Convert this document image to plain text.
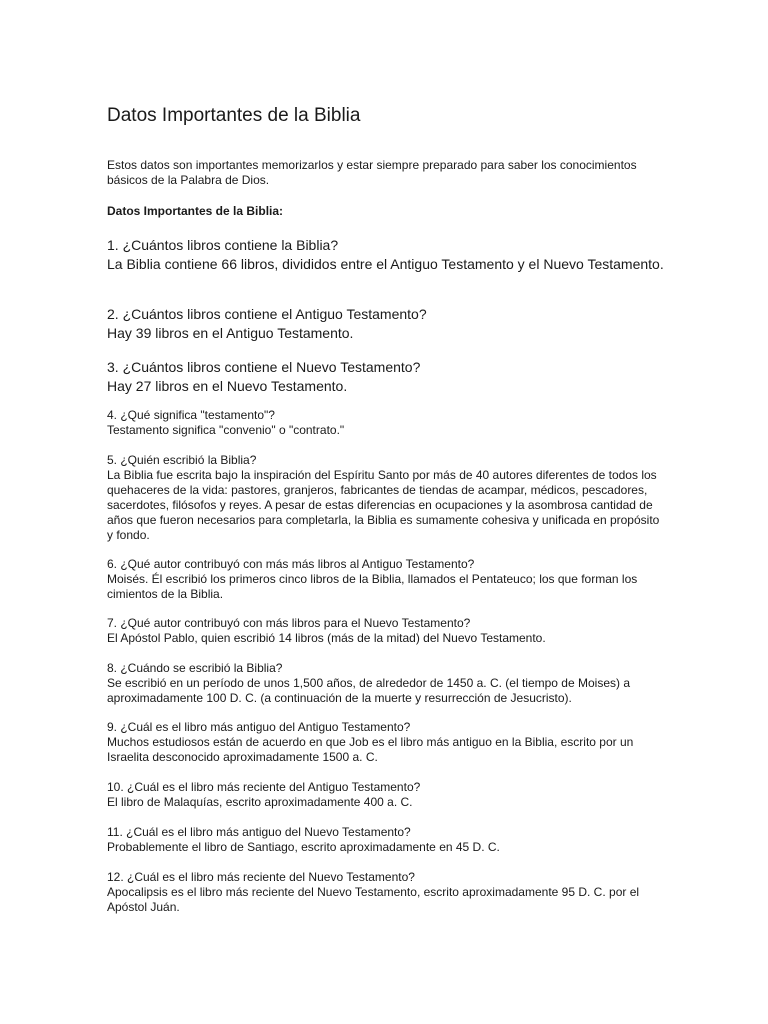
Datos Importantes de la Biblia

Estos datos son importantes memorizarlos y estar siempre preparado para saber los conocimientos básicos de la Palabra de Dios.

Datos Importantes de la Biblia:

1. ¿Cuántos libros contiene la Biblia?
La Biblia contiene 66 libros, divididos entre el Antiguo Testamento y el Nuevo Testamento.

2. ¿Cuántos libros contiene el Antiguo Testamento?
Hay 39 libros en el Antiguo Testamento.

3. ¿Cuántos libros contiene el Nuevo Testamento?
Hay 27 libros en el Nuevo Testamento.

4. ¿Qué significa "testamento"?
Testamento significa "convenio" o "contrato."

5. ¿Quién escribió la Biblia?
La Biblia fue escrita bajo la inspiración del Espíritu Santo por más de 40 autores diferentes de todos los quehaceres de la vida: pastores, granjeros, fabricantes de tiendas de acampar, médicos, pescadores, sacerdotes, filósofos y reyes. A pesar de estas diferencias en ocupaciones y la asombrosa cantidad de años que fueron necesarios para completarla, la Biblia es sumamente cohesiva y unificada en propósito y fondo.

6. ¿Qué autor contribuyó con más más libros al Antiguo Testamento?
Moisés. Él escribió los primeros cinco libros de la Biblia, llamados el Pentateuco; los que forman los cimientos de la Biblia.

7. ¿Qué autor contribuyó con más libros para el Nuevo Testamento?
El Apóstol Pablo, quien escribió 14 libros (más de la mitad) del Nuevo Testamento.

8. ¿Cuándo se escribió la Biblia?
Se escribió en un período de unos 1,500 años, de alrededor de 1450 a. C. (el tiempo de Moises) a aproximadamente 100 D. C. (a continuación de la muerte y resurrección de Jesucristo).

9. ¿Cuál es el libro más antiguo del Antiguo Testamento?
Muchos estudiosos están de acuerdo en que Job es el libro más antiguo en la Biblia, escrito por un Israelita desconocido aproximadamente 1500 a. C.

10. ¿Cuál es el libro más reciente del Antiguo Testamento?
El libro de Malaquías, escrito aproximadamente 400 a. C.

11. ¿Cuál es el libro más antiguo del Nuevo Testamento?
Probablemente el libro de Santiago, escrito aproximadamente en 45 D. C.

12. ¿Cuál es el libro más reciente del Nuevo Testamento?
Apocalipsis es el libro más reciente del Nuevo Testamento, escrito aproximadamente 95 D. C. por el Apóstol Juán.
